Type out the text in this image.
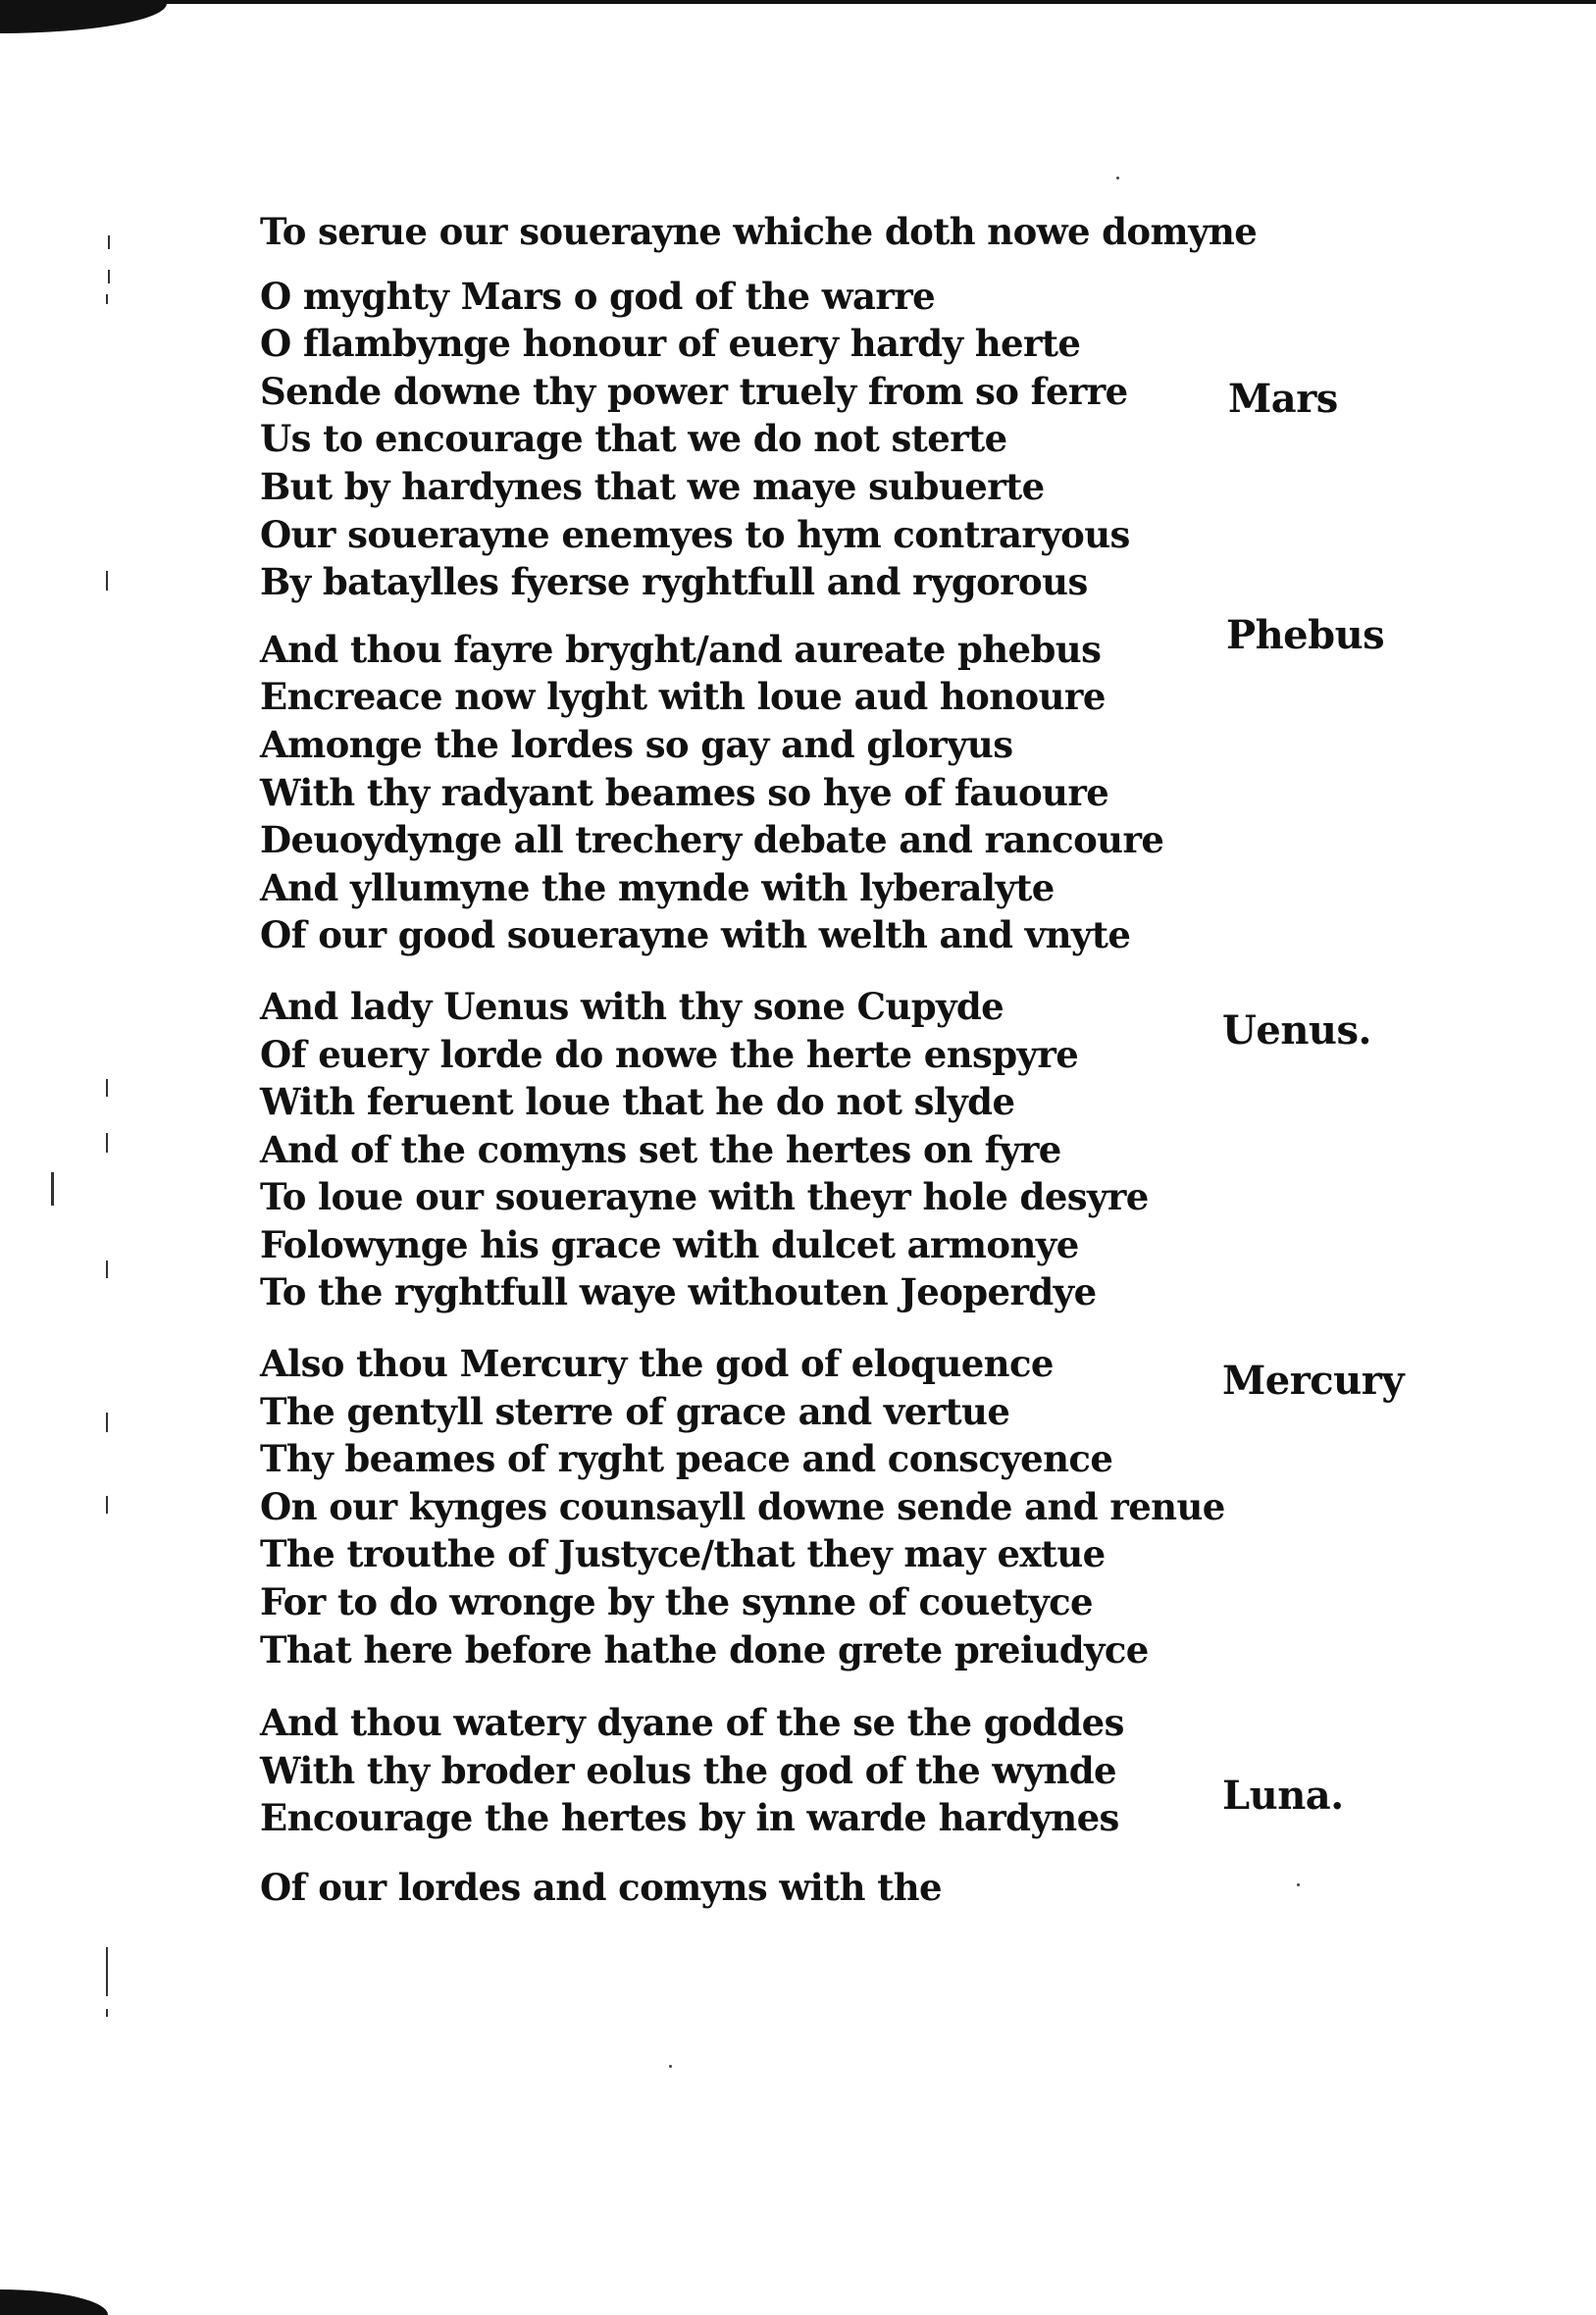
To serue our souerayne whiche doth nowe domyne
O myghty Mars o god of the warre
O flambynge honour of euery hardy herte
Sende downe thy power truely from so ferre
Us to encourage that we do not sterte
But by hardynes that we maye subuerte
Our souerayne enemyes to hym contraryous
By bataylles fyerse ryghtfull and rygorous
And thou fayre bryght/and aureate phebus
Encreace now lyght with loue aud honoure
Amonge the lordes so gay and gloryus
With thy radyant beames so hye of fauoure
Deuoydynge all trechery debate and rancoure
And yllumyne the mynde with lyberalyte
Of our good souerayne with welth and vnyte
And lady Uenus with thy sone Cupyde
Of euery lorde do nowe the herte enspyre
With feruent loue that he do not slyde
And of the comyns set the hertes on fyre
To loue our souerayne with theyr hole desyre
Folowynge his grace with dulcet armonye
To the ryghtfull waye withouten Jeoperdye
Also thou Mercury the god of eloquence
The gentyll sterre of grace and vertue
Thy beames of ryght peace and conscyence
On our kynges counsayll downe sende and renue
The trouthe of Justyce/that they may extue
For to do wronge by the synne of couetyce
That here before hathe done grete preiudyce
And thou watery dyane of the se the goddes
With thy broder eolus the god of the wynde
Encourage the hertes by in warde hardynes
Of our lordes and comyns with the
Mars
Phebus
Uenus.
Mercury
Luna.
